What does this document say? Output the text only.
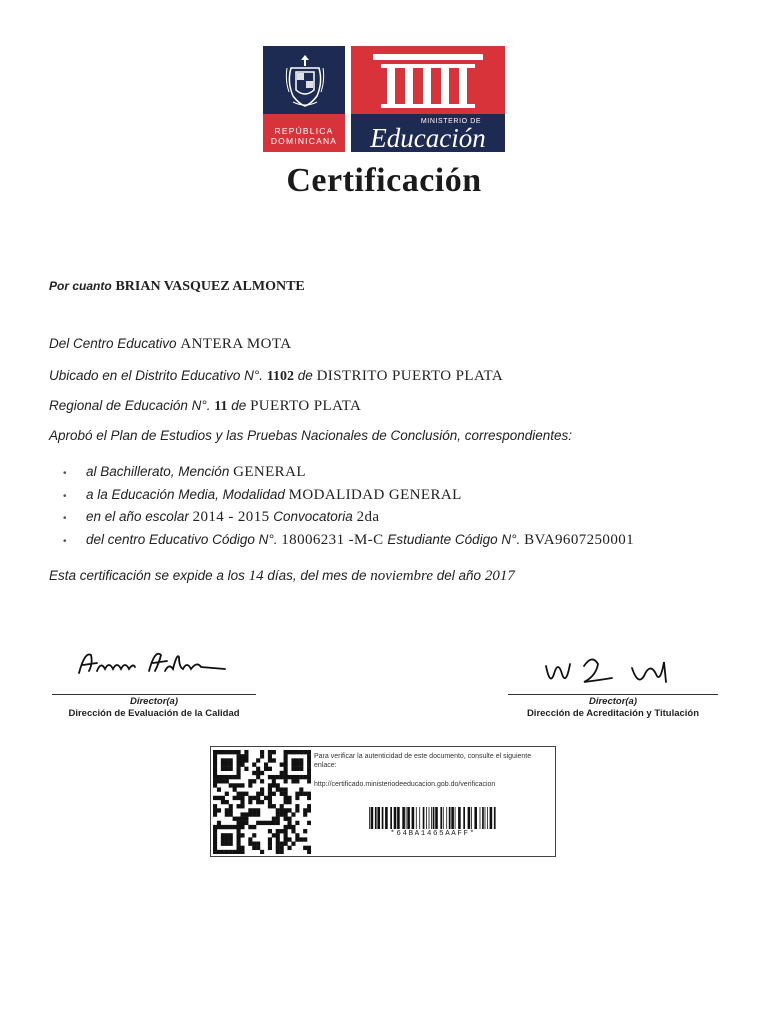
REPÚBLICA
DOMINICANA
MINISTERIO DE
Educación
Certificación
Por cuanto BRIAN VASQUEZ ALMONTE
Del Centro Educativo ANTERA MOTA
Ubicado en el Distrito Educativo N°. 1102 de DISTRITO PUERTO PLATA
Regional de Educación N°. 11 de PUERTO PLATA
Aprobó el Plan de Estudios y las Pruebas Nacionales de Conclusión, correspondientes:
• al Bachillerato, Mención GENERAL
• a la Educación Media, Modalidad MODALIDAD GENERAL
• en el año escolar 2014 - 2015 Convocatoria 2da
• del centro Educativo Código N°. 18006231 -M-C Estudiante Código N°. BVA9607250001
Esta certificación se expide a los 14 días, del mes de noviembre del año 2017
Director(a)
Dirección de Evaluación de la Calidad
Director(a)
Dirección de Acreditación y Titulación
Para verificar la autenticidad de este documento, consulte el siguiente enlace:
http://certificado.ministeriodeeducacion.gob.do/verificacion
*64BA1465AAFF*
